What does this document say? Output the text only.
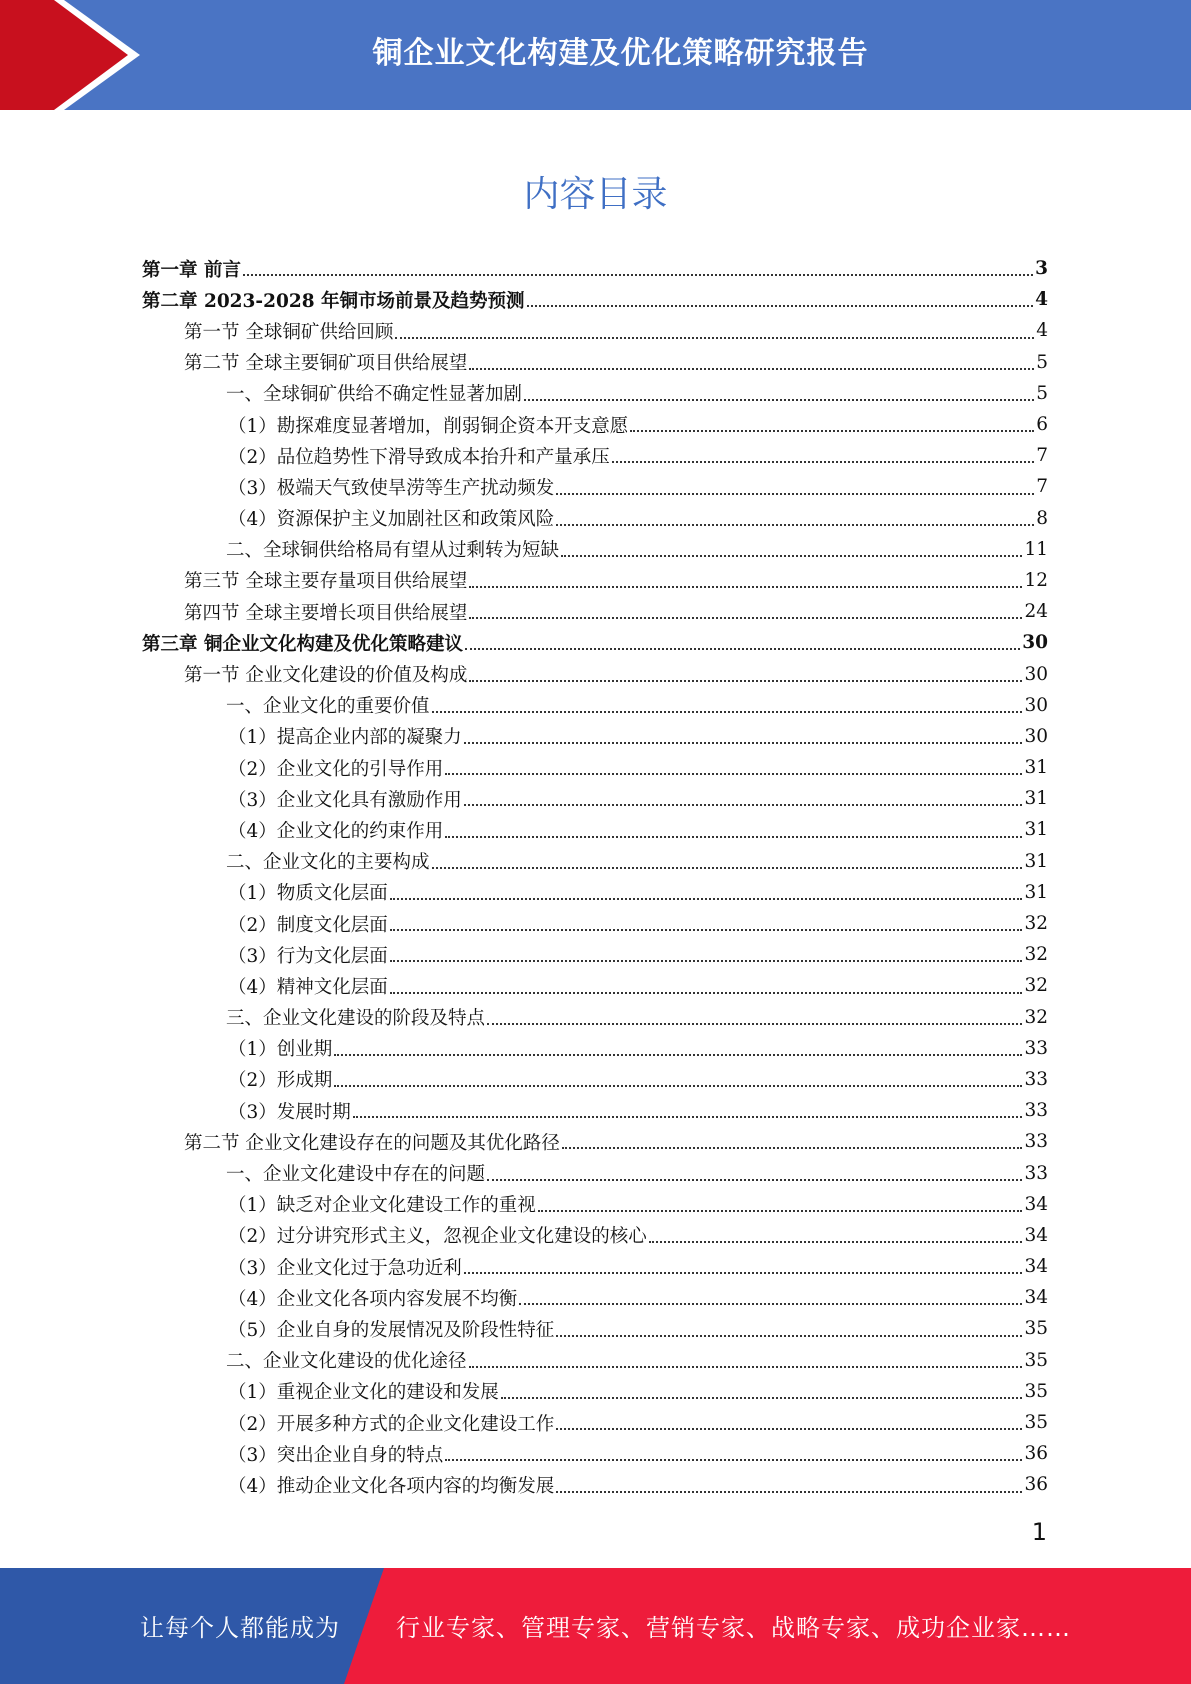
铜企业文化构建及优化策略研究报告
内容目录
第一章 前言	3
第二章 2023-2028 年铜市场前景及趋势预测	4
第一节 全球铜矿供给回顾	4
第二节 全球主要铜矿项目供给展望	5
一、全球铜矿供给不确定性显著加剧	5
（1）勘探难度显著增加，削弱铜企资本开支意愿	6
（2）品位趋势性下滑导致成本抬升和产量承压	7
（3）极端天气致使旱涝等生产扰动频发	7
（4）资源保护主义加剧社区和政策风险	8
二、全球铜供给格局有望从过剩转为短缺	11
第三节 全球主要存量项目供给展望	12
第四节 全球主要增长项目供给展望	24
第三章 铜企业文化构建及优化策略建议	30
第一节 企业文化建设的价值及构成	30
一、企业文化的重要价值	30
（1）提高企业内部的凝聚力	30
（2）企业文化的引导作用	31
（3）企业文化具有激励作用	31
（4）企业文化的约束作用	31
二、企业文化的主要构成	31
（1）物质文化层面	31
（2）制度文化层面	32
（3）行为文化层面	32
（4）精神文化层面	32
三、企业文化建设的阶段及特点	32
（1）创业期	33
（2）形成期	33
（3）发展时期	33
第二节 企业文化建设存在的问题及其优化路径	33
一、企业文化建设中存在的问题	33
（1）缺乏对企业文化建设工作的重视	34
（2）过分讲究形式主义，忽视企业文化建设的核心	34
（3）企业文化过于急功近利	34
（4）企业文化各项内容发展不均衡	34
（5）企业自身的发展情况及阶段性特征	35
二、企业文化建设的优化途径	35
（1）重视企业文化的建设和发展	35
（2）开展多种方式的企业文化建设工作	35
（3）突出企业自身的特点	36
（4）推动企业文化各项内容的均衡发展	36
1
让每个人都能成为 行业专家、管理专家、营销专家、战略专家、成功企业家……
